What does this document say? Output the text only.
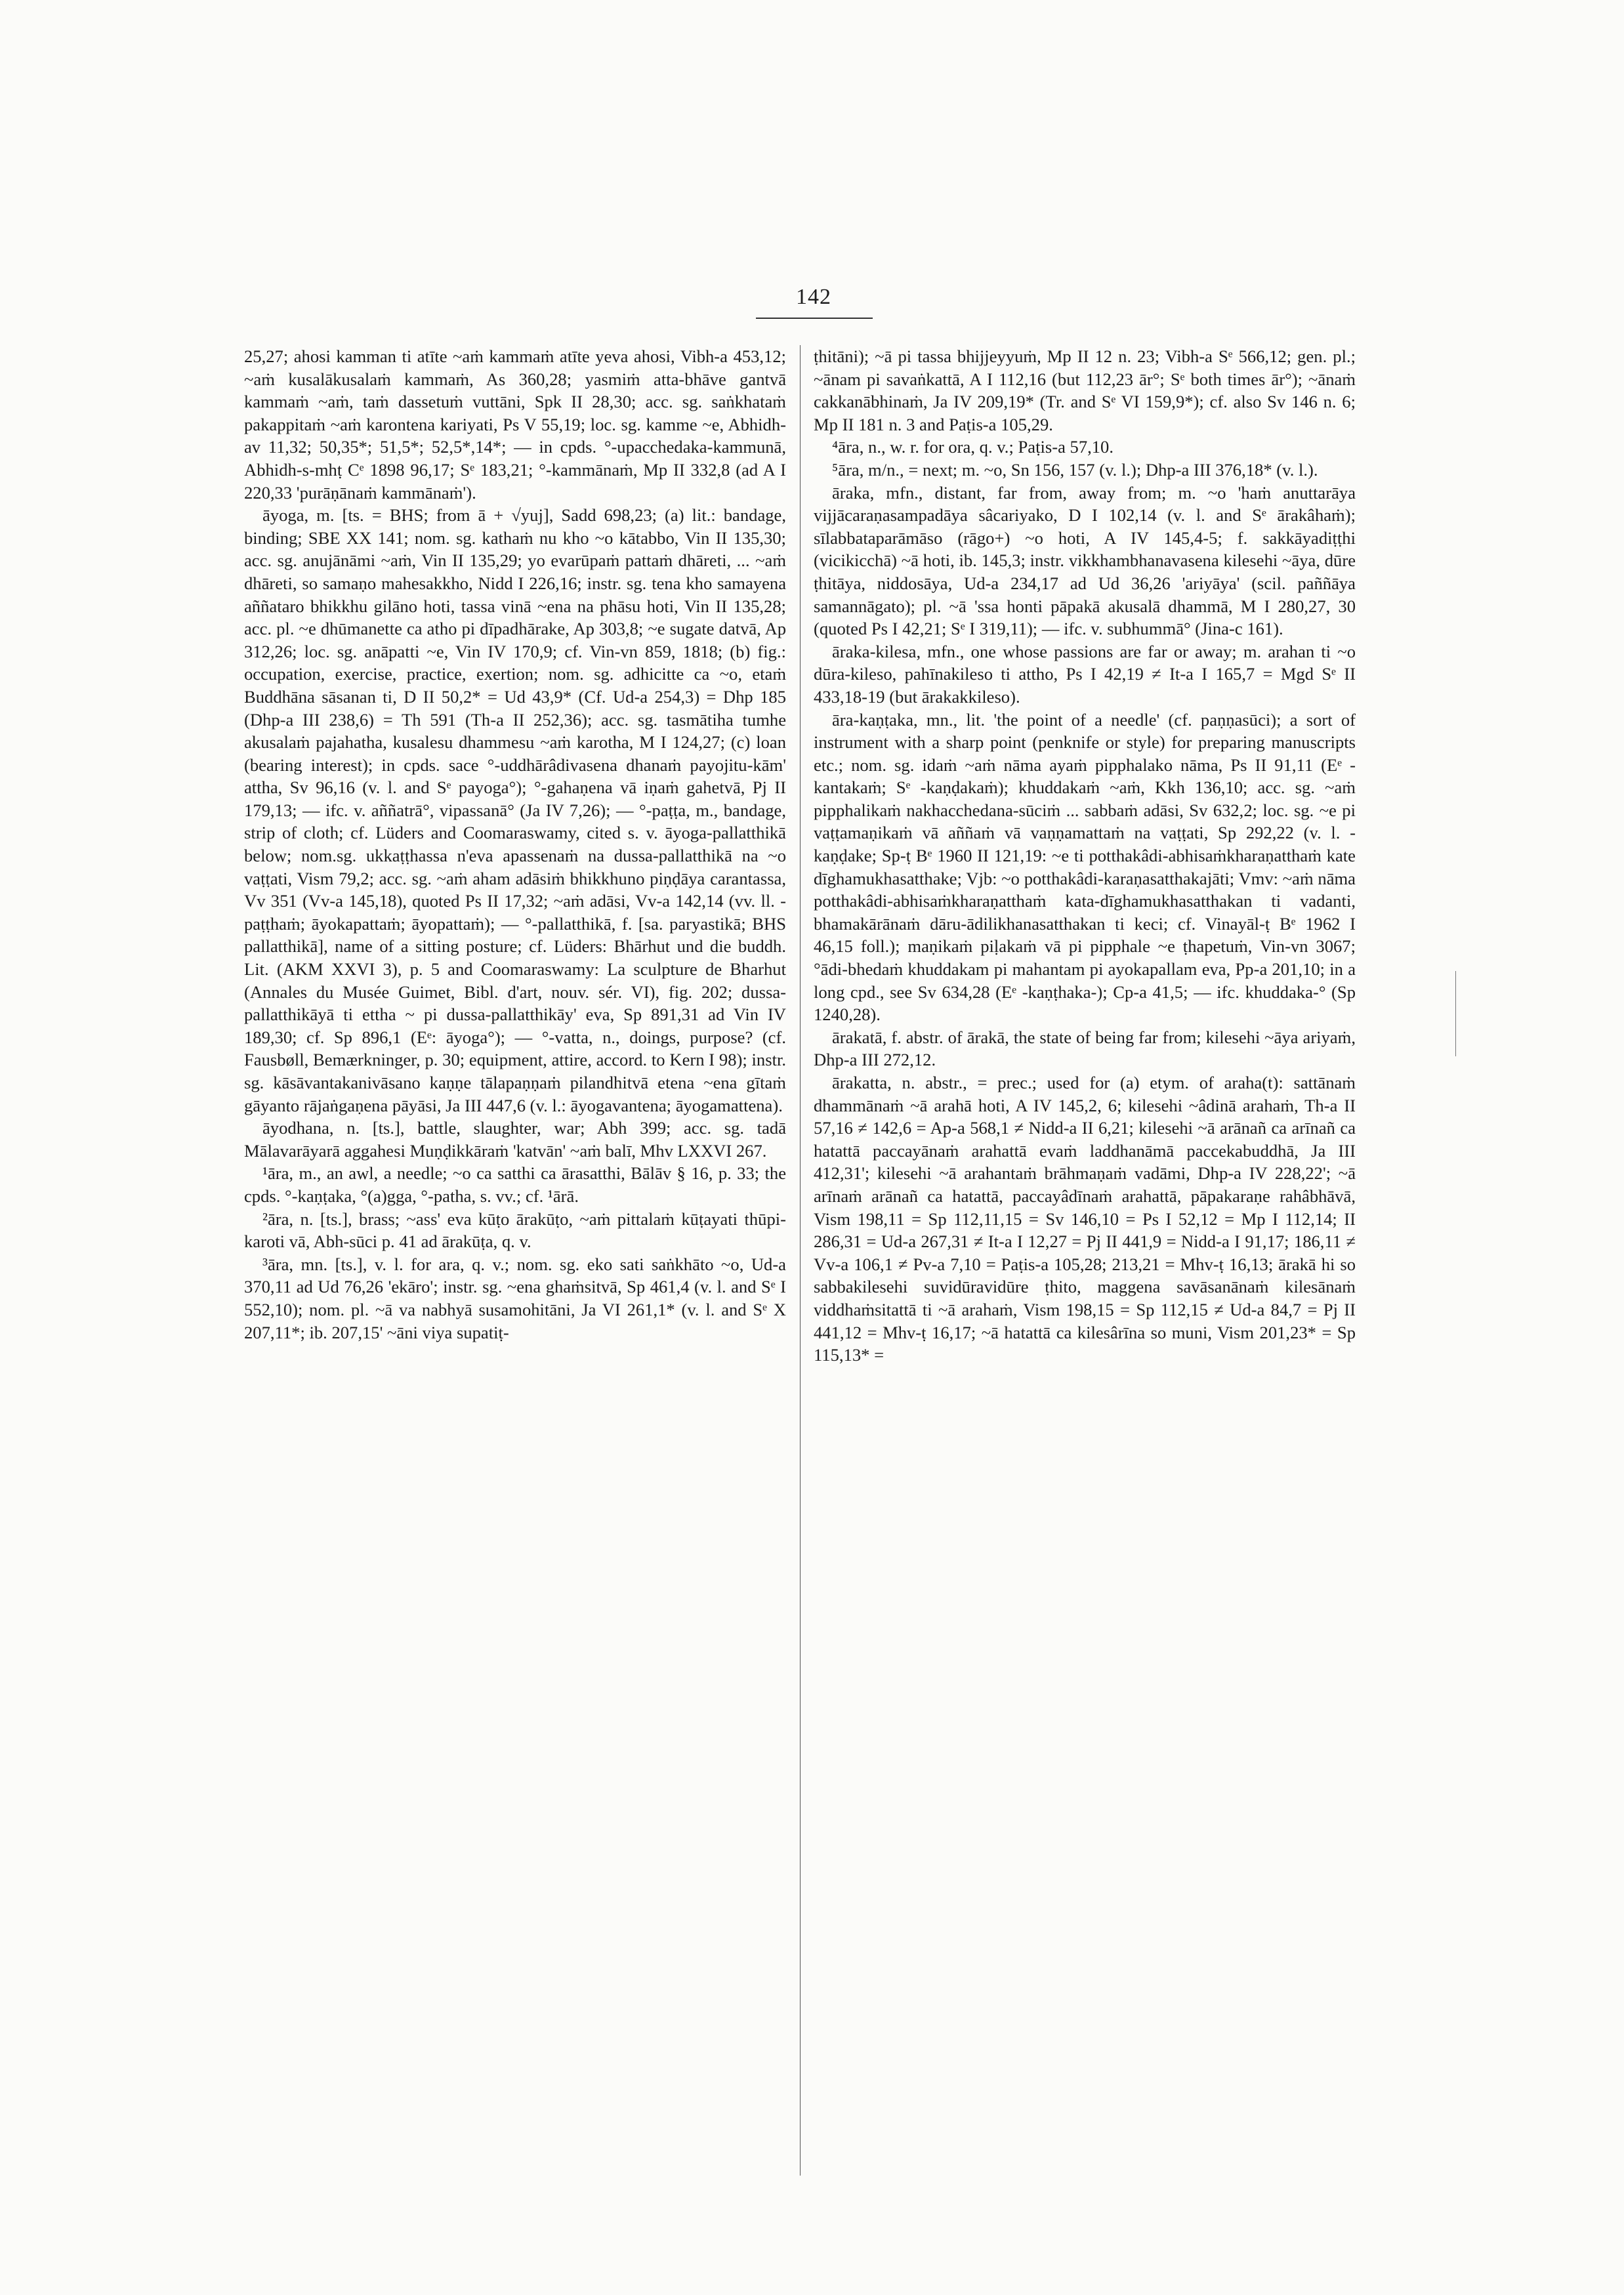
142

25,27; ahosi kamman ti atīte ~aṁ kammaṁ atīte yeva ahosi, Vibh-a 453,12; ~aṁ kusalākusalaṁ kammaṁ, As 360,28; yasmiṁ atta-bhāve gantvā kammaṁ ~aṁ, taṁ dassetuṁ vuttāni, Spk II 28,30; acc. sg. saṅkhataṁ pakappitaṁ ~aṁ karontena kariyati, Ps V 55,19; loc. sg. kamme ~e, Abhidh-av 11,32; 50,35*; 51,5*; 52,5*,14*; — in cpds. °-upacchedaka-kammunā, Abhidh-s-mhṭ Cᵉ 1898 96,17; Sᵉ 183,21; °-kammānaṁ, Mp II 332,8 (ad A I 220,33 'purāṇānaṁ kammānaṁ').

āyoga, m. [ts. = BHS; from ā + √yuj], Sadd 698,23; (a) lit.: bandage, binding; SBE XX 141; nom. sg. kathaṁ nu kho ~o kātabbo, Vin II 135,30; acc. sg. anujānāmi ~aṁ, Vin II 135,29; yo evarūpaṁ pattaṁ dhāreti, ... ~aṁ dhāreti, so samaṇo mahesakkho, Nidd I 226,16; instr. sg. tena kho samayena aññataro bhikkhu gilāno hoti, tassa vinā ~ena na phāsu hoti, Vin II 135,28; acc. pl. ~e dhūmanette ca atho pi dīpadhārake, Ap 303,8; ~e sugate datvā, Ap 312,26; loc. sg. anāpatti ~e, Vin IV 170,9; cf. Vin-vn 859, 1818; (b) fig.: occupation, exercise, practice, exertion; nom. sg. adhicitte ca ~o, etaṁ Buddhāna sāsanan ti, D II 50,2* = Ud 43,9* (Cf. Ud-a 254,3) = Dhp 185 (Dhp-a III 238,6) = Th 591 (Th-a II 252,36); acc. sg. tasmātiha tumhe akusalaṁ pajahatha, kusalesu dhammesu ~aṁ karotha, M I 124,27; (c) loan (bearing interest); in cpds. sace °-uddhārâdivasena dhanaṁ payojitu-kām' attha, Sv 96,16 (v. l. and Sᵉ payoga°); °-gahaṇena vā iṇaṁ gahetvā, Pj II 179,13; — ifc. v. aññatrā°, vipassanā° (Ja IV 7,26); — °-paṭṭa, m., bandage, strip of cloth; cf. Lüders and Coomaraswamy, cited s. v. āyoga-pallatthikā below; nom.sg. ukkaṭṭhassa n'eva apassenaṁ na dussa-pallatthikā na ~o vaṭṭati, Vism 79,2; acc. sg. ~aṁ aham adāsiṁ bhikkhuno piṇḍāya carantassa, Vv 351 (Vv-a 145,18), quoted Ps II 17,32; ~aṁ adāsi, Vv-a 142,14 (vv. ll. -paṭṭhaṁ; āyokapattaṁ; āyopattaṁ); — °-pallatthikā, f. [sa. paryastikā; BHS pallatthikā], name of a sitting posture; cf. Lüders: Bhārhut und die buddh. Lit. (AKM XXVI 3), p. 5 and Coomaraswamy: La sculpture de Bharhut (Annales du Musée Guimet, Bibl. d'art, nouv. sér. VI), fig. 202; dussa-pallatthikāyā ti ettha ~ pi dussa-pallatthikāy' eva, Sp 891,31 ad Vin IV 189,30; cf. Sp 896,1 (Eᵉ: āyoga°); — °-vatta, n., doings, purpose? (cf. Fausbøll, Bemærkninger, p. 30; equipment, attire, accord. to Kern I 98); instr. sg. kāsāvantakanivāsano kaṇṇe tālapaṇṇaṁ pilandhitvā etena ~ena gītaṁ gāyanto rājaṅgaṇena pāyāsi, Ja III 447,6 (v. l.: āyogavantena; āyogamattena).

āyodhana, n. [ts.], battle, slaughter, war; Abh 399; acc. sg. tadā Mālavarāyarā aggahesi Muṇḍikkāraṁ 'katvān' ~aṁ balī, Mhv LXXVI 267.

¹āra, m., an awl, a needle; ~o ca satthi ca ārasatthi, Bālāv § 16, p. 33; the cpds. °-kaṇṭaka, °(a)gga, °-patha, s. vv.; cf. ¹ārā.

²āra, n. [ts.], brass; ~ass' eva kūṭo ārakūṭo, ~aṁ pittalaṁ kūṭayati thūpi-karoti vā, Abh-sūci p. 41 ad ārakūṭa, q. v.

³āra, mn. [ts.], v. l. for ara, q. v.; nom. sg. eko sati saṅkhāto ~o, Ud-a 370,11 ad Ud 76,26 'ekāro'; instr. sg. ~ena ghaṁsitvā, Sp 461,4 (v. l. and Sᵉ I 552,10); nom. pl. ~ā va nabhyā susamohitāni, Ja VI 261,1* (v. l. and Sᵉ X 207,11*; ib. 207,15' ~āni viya supatiṭ-

ṭhitāni); ~ā pi tassa bhijjeyyuṁ, Mp II 12 n. 23; Vibh-a Sᵉ 566,12; gen. pl.; ~ānam pi savaṅkattā, A I 112,16 (but 112,23 ār°; Sᵉ both times ār°); ~ānaṁ cakkanābhinaṁ, Ja IV 209,19* (Tr. and Sᵉ VI 159,9*); cf. also Sv 146 n. 6; Mp II 181 n. 3 and Paṭis-a 105,29.

⁴āra, n., w. r. for ora, q. v.; Paṭis-a 57,10.

⁵āra, m/n., = next; m. ~o, Sn 156, 157 (v. l.); Dhp-a III 376,18* (v. l.).

āraka, mfn., distant, far from, away from; m. ~o 'haṁ anuttarāya vijjācaraṇasampadāya sâcariyako, D I 102,14 (v. l. and Sᵉ ārakâhaṁ); sīlabbataparāmāso (rāgo+) ~o hoti, A IV 145,4-5; f. sakkāyadiṭṭhi (vicikicchā) ~ā hoti, ib. 145,3; instr. vikkhambhanavasena kilesehi ~āya, dūre ṭhitāya, niddosāya, Ud-a 234,17 ad Ud 36,26 'ariyāya' (scil. paññāya samannāgato); pl. ~ā 'ssa honti pāpakā akusalā dhammā, M I 280,27, 30 (quoted Ps I 42,21; Sᵉ I 319,11); — ifc. v. subhummā° (Jina-c 161).

āraka-kilesa, mfn., one whose passions are far or away; m. arahan ti ~o dūra-kileso, pahīnakileso ti attho, Ps I 42,19 ≠ It-a I 165,7 = Mgd Sᵉ II 433,18-19 (but ārakakkileso).

āra-kaṇṭaka, mn., lit. 'the point of a needle' (cf. paṇṇasūci); a sort of instrument with a sharp point (penknife or style) for preparing manuscripts etc.; nom. sg. idaṁ ~aṁ nāma ayaṁ pipphalako nāma, Ps II 91,11 (Eᵉ -kantakaṁ; Sᵉ -kaṇḍakaṁ); khuddakaṁ ~aṁ, Kkh 136,10; acc. sg. ~aṁ pipphalikaṁ nakhacchedana-sūciṁ ... sabbaṁ adāsi, Sv 632,2; loc. sg. ~e pi vaṭṭamaṇikaṁ vā aññaṁ vā vaṇṇamattaṁ na vaṭṭati, Sp 292,22 (v. l. -kaṇḍake; Sp-ṭ Bᵉ 1960 II 121,19: ~e ti potthakâdi-abhisaṁkharaṇatthaṁ kate dīghamukhasatthake; Vjb: ~o potthakâdi-karaṇasatthakajāti; Vmv: ~aṁ nāma potthakâdi-abhisaṁkharaṇatthaṁ kata-dīghamukhasatthakan ti vadanti, bhamakārānaṁ dāru-ādilikhanasatthakan ti keci; cf. Vinayāl-ṭ Bᵉ 1962 I 46,15 foll.); maṇikaṁ piḷakaṁ vā pi pipphale ~e ṭhapetuṁ, Vin-vn 3067; °ādi-bhedaṁ khuddakam pi mahantam pi ayokapallam eva, Pp-a 201,10; in a long cpd., see Sv 634,28 (Eᵉ -kaṇṭhaka-); Cp-a 41,5; — ifc. khuddaka-° (Sp 1240,28).

ārakatā, f. abstr. of ārakā, the state of being far from; kilesehi ~āya ariyaṁ, Dhp-a III 272,12.

ārakatta, n. abstr., = prec.; used for (a) etym. of araha(t): sattānaṁ dhammānaṁ ~ā arahā hoti, A IV 145,2, 6; kilesehi ~âdinā arahaṁ, Th-a II 57,16 ≠ 142,6 = Ap-a 568,1 ≠ Nidd-a II 6,21; kilesehi ~ā arānañ ca arīnañ ca hatattā paccayānaṁ arahattā evaṁ laddhanāmā paccekabuddhā, Ja III 412,31'; kilesehi ~ā arahantaṁ brāhmaṇaṁ vadāmi, Dhp-a IV 228,22'; ~ā arīnaṁ arānañ ca hatattā, paccayâdīnaṁ arahattā, pāpakaraṇe rahâbhāvā, Vism 198,11 = Sp 112,11,15 = Sv 146,10 = Ps I 52,12 = Mp I 112,14; II 286,31 = Ud-a 267,31 ≠ It-a I 12,27 = Pj II 441,9 = Nidd-a I 91,17; 186,11 ≠ Vv-a 106,1 ≠ Pv-a 7,10 = Paṭis-a 105,28; 213,21 = Mhv-ṭ 16,13; ārakā hi so sabbakilesehi suvidūravidūre ṭhito, maggena savāsanānaṁ kilesānaṁ viddhaṁsitattā ti ~ā arahaṁ, Vism 198,15 = Sp 112,15 ≠ Ud-a 84,7 = Pj II 441,12 = Mhv-ṭ 16,17; ~ā hatattā ca kilesârīna so muni, Vism 201,23* = Sp 115,13* =
